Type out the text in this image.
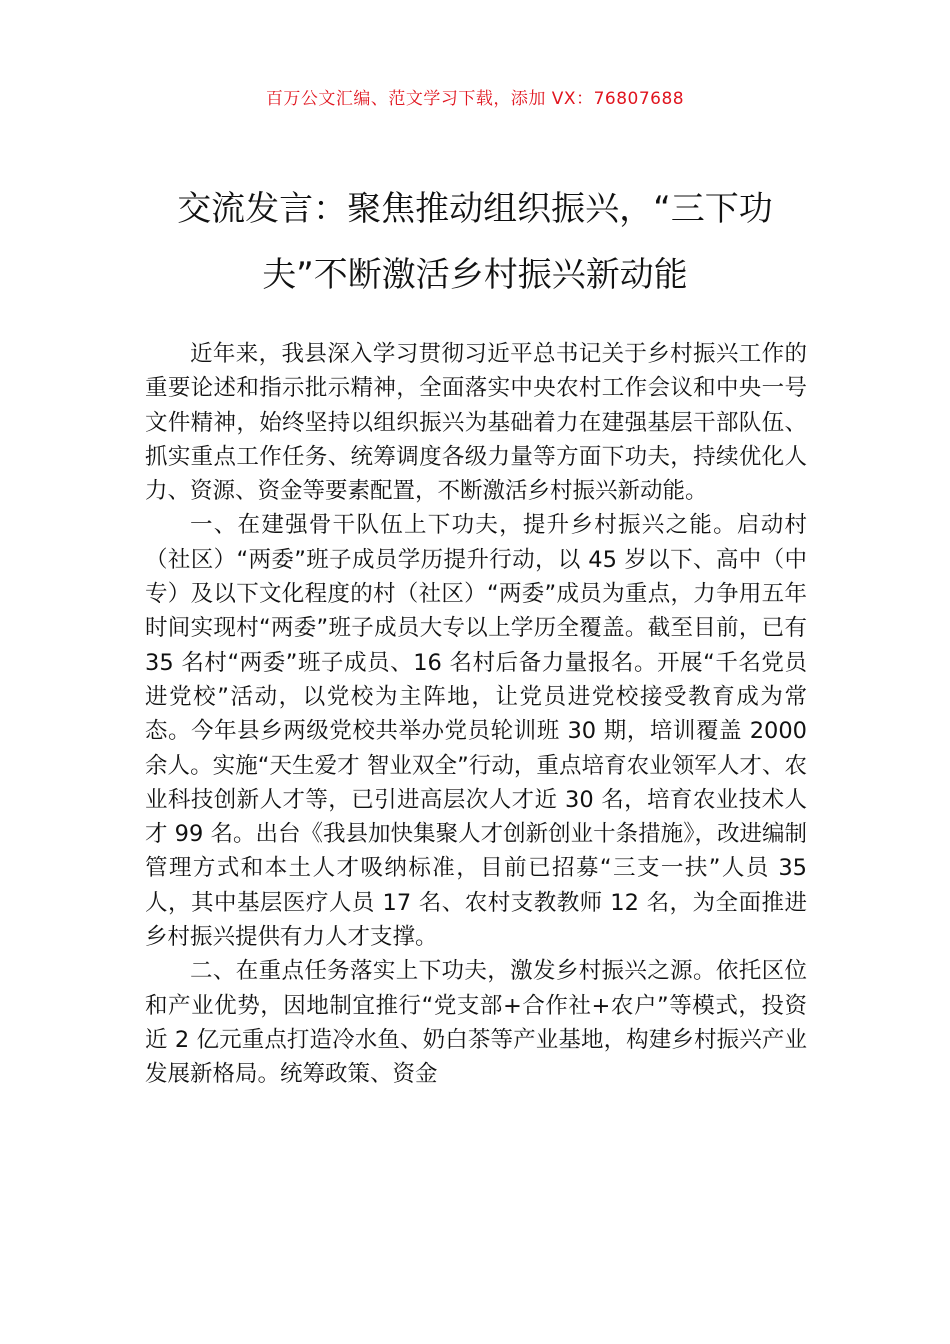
百万公文汇编、范文学习下载，添加 VX：76807688
交流发言：聚焦推动组织振兴，“三下功
夫”不断激活乡村振兴新动能

近年来，我县深入学习贯彻习近平总书记关于乡村振兴工作的重要论述和指示批示精神，全面落实中央农村工作会议和中央一号文件精神，始终坚持以组织振兴为基础着力在建强基层干部队伍、抓实重点工作任务、统筹调度各级力量等方面下功夫，持续优化人力、资源、资金等要素配置，不断激活乡村振兴新动能。

一、在建强骨干队伍上下功夫，提升乡村振兴之能。启动村（社区）“两委”班子成员学历提升行动，以 45 岁以下、高中（中专）及以下文化程度的村（社区）“两委”成员为重点，力争用五年时间实现村“两委”班子成员大专以上学历全覆盖。截至目前，已有 35 名村“两委”班子成员、16 名村后备力量报名。开展“千名党员进党校”活动，以党校为主阵地，让党员进党校接受教育成为常态。今年县乡两级党校共举办党员轮训班 30 期，培训覆盖 2000 余人。实施“天生爱才 智业双全”行动，重点培育农业领军人才、农业科技创新人才等，已引进高层次人才近 30 名，培育农业技术人才 99 名。出台《我县加快集聚人才创新创业十条措施》，改进编制管理方式和本土人才吸纳标准，目前已招募“三支一扶”人员 35 人，其中基层医疗人员 17 名、农村支教教师 12 名，为全面推进乡村振兴提供有力人才支撑。

二、在重点任务落实上下功夫，激发乡村振兴之源。依托区位和产业优势，因地制宜推行“党支部+合作社+农户”等模式，投资近 2 亿元重点打造冷水鱼、奶白茶等产业基地，构建乡村振兴产业发展新格局。统筹政策、资金
